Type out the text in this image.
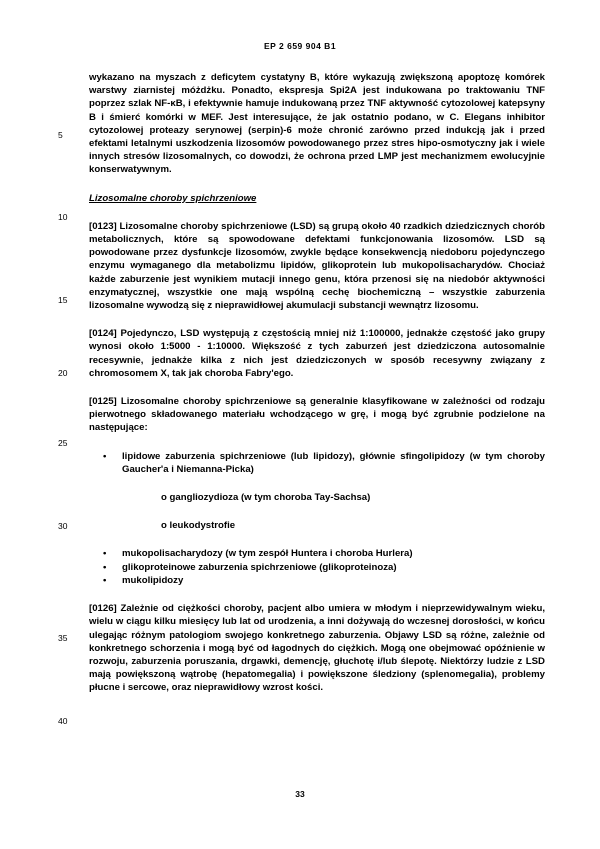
EP 2 659 904 B1
5
10
15
20
25
30
35
40

wykazano na myszach z deficytem cystatyny B, które wykazują zwiększoną apoptozę komórek warstwy ziarnistej móżdżku. Ponadto, ekspresja Spi2A jest indukowana po traktowaniu TNF poprzez szlak NF-κB, i efektywnie hamuje indukowaną przez TNF aktywność cytozolowej katepsyny B i śmierć komórki w MEF. Jest interesujące, że jak ostatnio podano, w C. Elegans inhibitor cytozolowej proteazy serynowej (serpin)-6 może chronić zarówno przed indukcją jak i przed efektami letalnymi uszkodzenia lizosomów powodowanego przez stres hipo-osmotyczny jak i wiele innych stresów lizosomalnych, co dowodzi, że ochrona przed LMP jest mechanizmem ewolucyjnie konserwatywnym.

Lizosomalne choroby spichrzeniowe

[0123] Lizosomalne choroby spichrzeniowe (LSD) są grupą około 40 rzadkich dziedzicznych chorób metabolicznych, które są spowodowane defektami funkcjonowania lizosomów. LSD są powodowane przez dysfunkcje lizosomów, zwykle będące konsekwencją niedoboru pojedynczego enzymu wymaganego dla metabolizmu lipidów, glikoprotein lub mukopolisacharydów. Chociaż każde zaburzenie jest wynikiem mutacji innego genu, która przenosi się na niedobór aktywności enzymatycznej, wszystkie one mają wspólną cechę biochemiczną – wszystkie zaburzenia lizosomalne wywodzą się z nieprawidłowej akumulacji substancji wewnątrz lizosomu.

[0124] Pojedynczo, LSD występują z częstością mniej niż 1:100000, jednakże częstość jako grupy wynosi około 1:5000 - 1:10000. Większość z tych zaburzeń jest dziedziczona autosomalnie recesywnie, jednakże kilka z nich jest dziedziczonych w sposób recesywny związany z chromosomem X, tak jak choroba Fabry'ego.

[0125] Lizosomalne choroby spichrzeniowe są generalnie klasyfikowane w zależności od rodzaju pierwotnego składowanego materiału wchodzącego w grę, i mogą być zgrubnie podzielone na następujące:

• lipidowe zaburzenia spichrzeniowe (lub lipidozy), głównie sfingolipidozy (w tym choroby Gaucher'a i Niemanna-Picka)

o gangliozydioza (w tym choroba Tay-Sachsa)

o leukodystrofie

• mukopolisacharydozy (w tym zespół Huntera i choroba Hurlera)
• glikoproteinowe zaburzenia spichrzeniowe (glikoproteinoza)
• mukolipidozy

[0126] Zależnie od ciężkości choroby, pacjent albo umiera w młodym i nieprzewidywalnym wieku, wielu w ciągu kilku miesięcy lub lat od urodzenia, a inni dożywają do wczesnej dorosłości, w końcu ulegając różnym patologiom swojego konkretnego zaburzenia. Objawy LSD są różne, zależnie od konkretnego schorzenia i mogą być od łagodnych do ciężkich. Mogą one obejmować opóźnienie w rozwoju, zaburzenia poruszania, drgawki, demencję, głuchotę i/lub ślepotę. Niektórzy ludzie z LSD mają powiększoną wątrobę (hepatomegalia) i powiększone śledziony (splenomegalia), problemy płucne i sercowe, oraz nieprawidłowy wzrost kości.

33
